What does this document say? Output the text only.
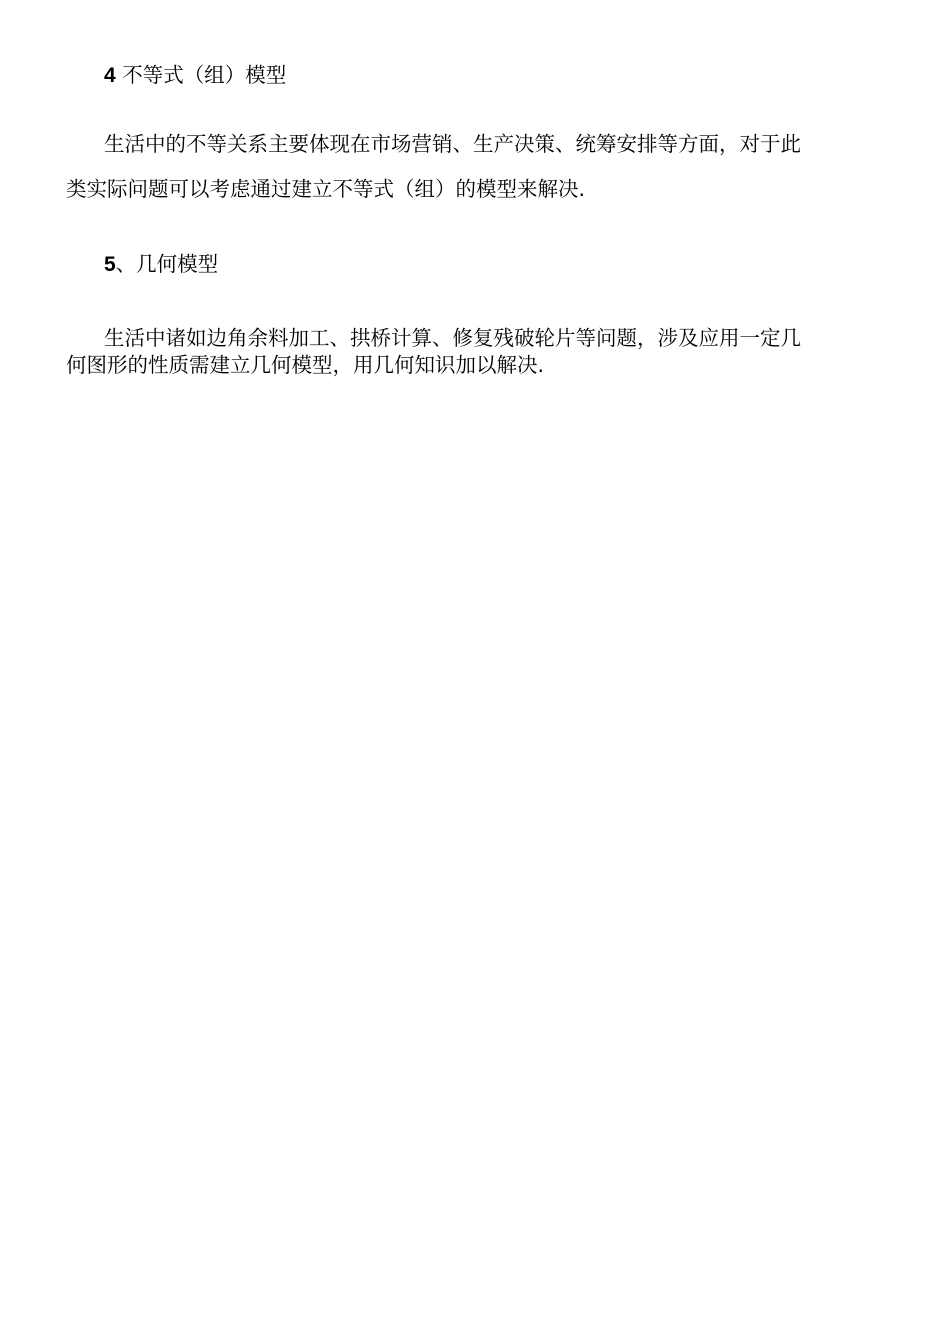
4 不等式（组）模型
生活中的不等关系主要体现在市场营销、生产决策、统筹安排等方面，对于此
类实际问题可以考虑通过建立不等式（组）的模型来解决.
5、几何模型
生活中诸如边角余料加工、拱桥计算、修复残破轮片等问题，涉及应用一定几
何图形的性质需建立几何模型，用几何知识加以解决.
